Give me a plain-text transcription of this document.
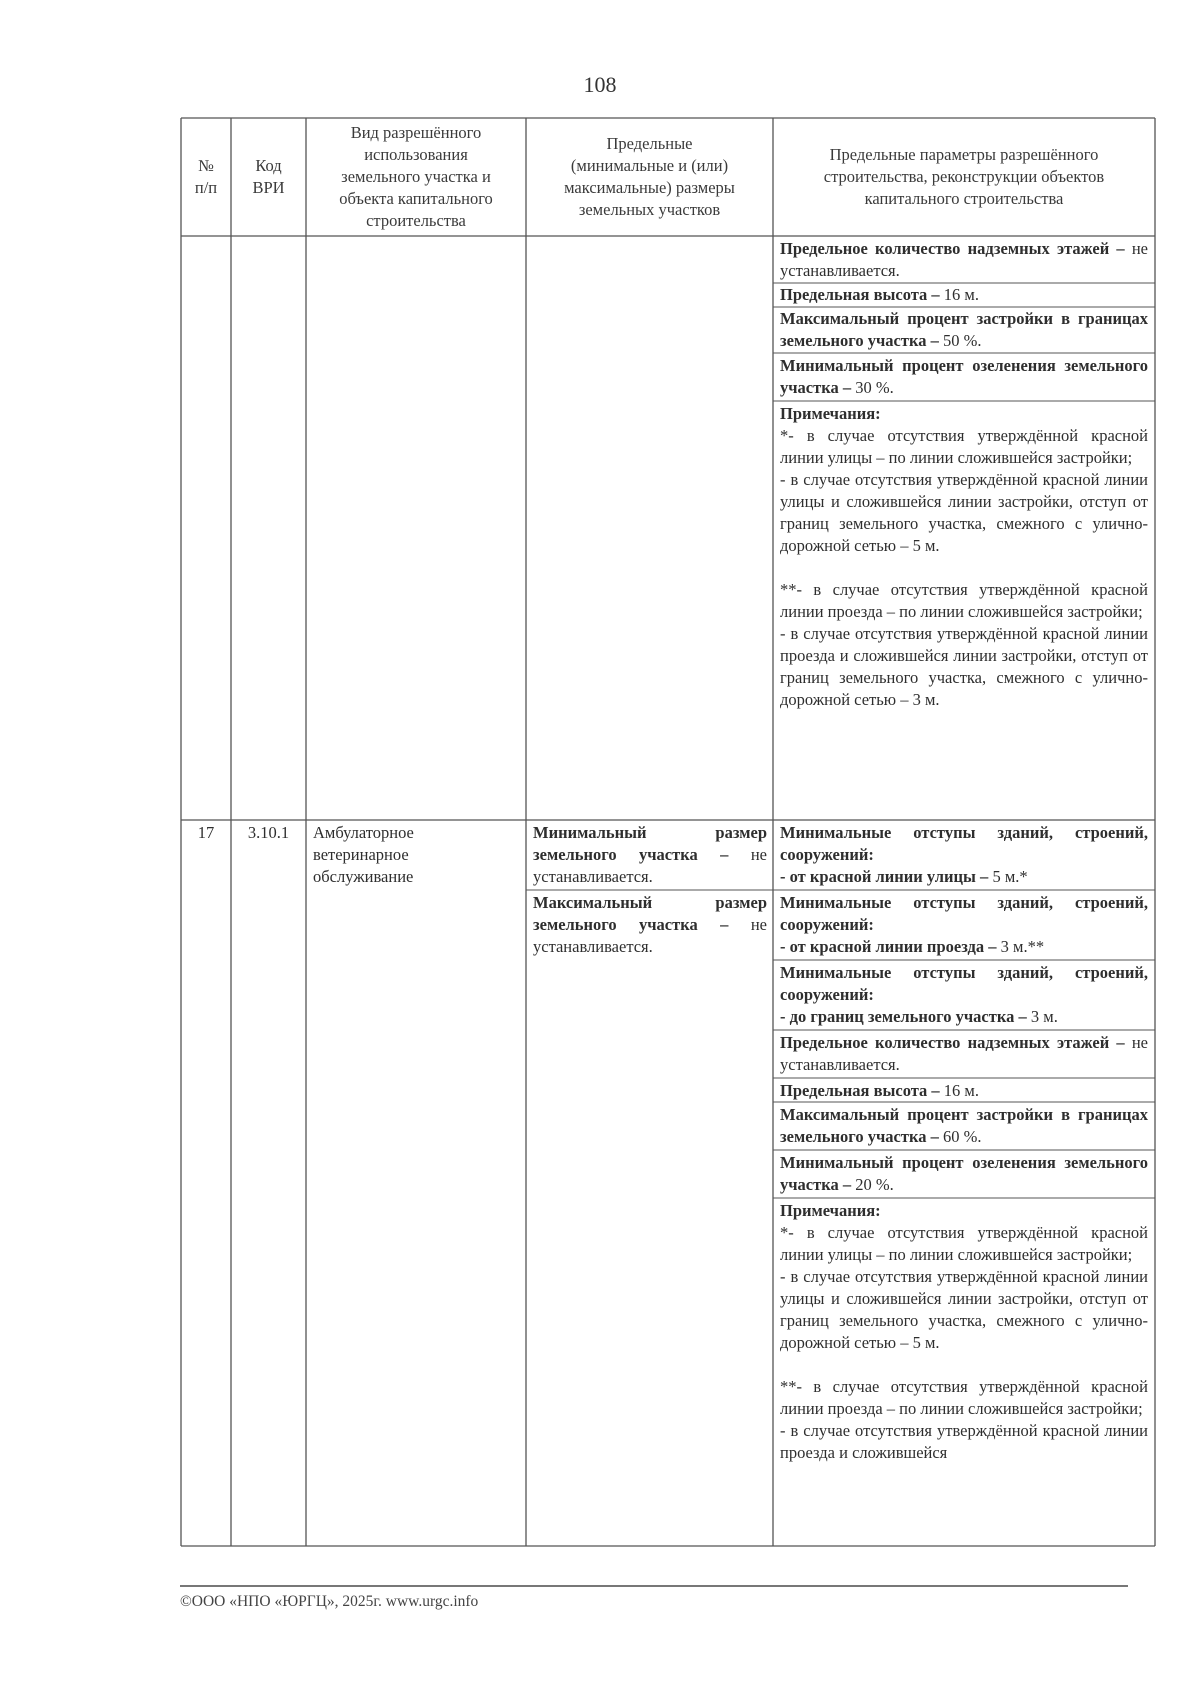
108
№
п/п
Код
ВРИ
Вид разрешённого
использования
земельного участка и
объекта капитального
строительства
Предельные
(минимальные и (или)
максимальные) размеры
земельных участков
Предельные параметры разрешённого
строительства, реконструкции объектов
капитального строительства
Предельное количество надземных этажей – не устанавливается.
Предельная высота – 16 м.
Максимальный процент застройки в границах земельного участка – 50 %.
Минимальный процент озеленения земельного участка – 30 %.
Примечания:
*- в случае отсутствия утверждённой красной линии улицы – по линии сложившейся застройки;
- в случае отсутствия утверждённой красной линии улицы и сложившейся линии застройки, отступ от границ земельного участка, смежного с улично-дорожной сетью – 5 м.
**- в случае отсутствия утверждённой красной линии проезда – по линии сложившейся застройки;
- в случае отсутствия утверждённой красной линии проезда и сложившейся линии застройки, отступ от границ земельного участка, смежного с улично-дорожной сетью – 3 м.
17	3.10.1	Амбулаторное
ветеринарное
обслуживание
Минимальный размер земельного участка – не устанавливается.
Максимальный размер земельного участка – не устанавливается.
Минимальные отступы зданий, строений, сооружений:
- от красной линии улицы – 5 м.*
Минимальные отступы зданий, строений, сооружений:
- от красной линии проезда – 3 м.**
Минимальные отступы зданий, строений, сооружений:
- до границ земельного участка – 3 м.
Предельное количество надземных этажей – не устанавливается.
Предельная высота – 16 м.
Максимальный процент застройки в границах земельного участка – 60 %.
Минимальный процент озеленения земельного участка – 20 %.
Примечания:
*- в случае отсутствия утверждённой красной линии улицы – по линии сложившейся застройки;
- в случае отсутствия утверждённой красной линии улицы и сложившейся линии застройки, отступ от границ земельного участка, смежного с улично-дорожной сетью – 5 м.
**- в случае отсутствия утверждённой красной линии проезда – по линии сложившейся застройки;
- в случае отсутствия утверждённой красной линии проезда и сложившейся
©ООО «НПО «ЮРГЦ», 2025г. www.urgc.info
